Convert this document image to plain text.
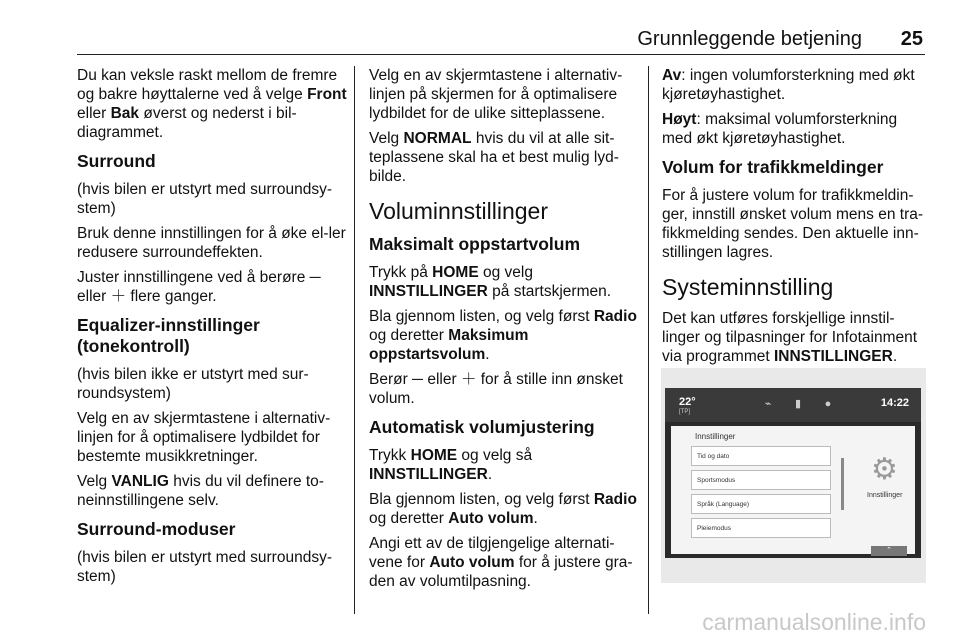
Grunnleggende betjening 25

Du kan veksle raskt mellom de fremre og bakre høyttalerne ved å velge Front eller Bak øverst og nederst i bil-diagrammet.

Surround

(hvis bilen er utstyrt med surroundsy-stem)

Bruk denne innstillingen for å øke el-ler redusere surroundeffekten.

Juster innstillingene ved å berøre ─ eller ＋ flere ganger.

Equalizer-innstillinger (tonekontroll)

(hvis bilen ikke er utstyrt med sur-roundsystem)

Velg en av skjermtastene i alternativ-linjen for å optimalisere lydbildet for bestemte musikkretninger.

Velg VANLIG hvis du vil definere to-neinnstillingene selv.

Surround-moduser

(hvis bilen er utstyrt med surroundsy-stem)

Velg en av skjermtastene i alternativ-linjen på skjermen for å optimalisere lydbildet for de ulike sitteplassene.

Velg NORMAL hvis du vil at alle sit-teplassene skal ha et best mulig lyd-bilde.

Voluminnstillinger
Maksimalt oppstartvolum

Trykk på HOME og velg INNSTILLINGER på startskjermen.

Bla gjennom listen, og velg først Radio og deretter Maksimum oppstartsvolum.

Berør ─ eller ＋ for å stille inn ønsket volum.

Automatisk volumjustering

Trykk HOME og velg så INNSTILLINGER.

Bla gjennom listen, og velg først Radio og deretter Auto volum.

Angi ett av de tilgjengelige alternati-vene for Auto volum for å justere gra-den av volumtilpasning.

Av: ingen volumforsterkning med økt kjøretøyhastighet.

Høyt: maksimal volumforsterkning med økt kjøretøyhastighet.

Volum for trafikkmeldinger

For å justere volum for trafikkmeldin-ger, innstill ønsket volum mens en tra-fikkmelding sendes. Den aktuelle inn-stillingen lagres.

Systeminnstilling

Det kan utføres forskjellige innstil-linger og tilpasninger for Infotainment via programmet INNSTILLINGER.

22°
[TP]
⌁	▮	●	14:22
Innstillinger
Tid og dato
Sportsmodus
Språk (Language)
Pleiemodus
⚙
Innstillinger
⌃
carmanualsonline.info
